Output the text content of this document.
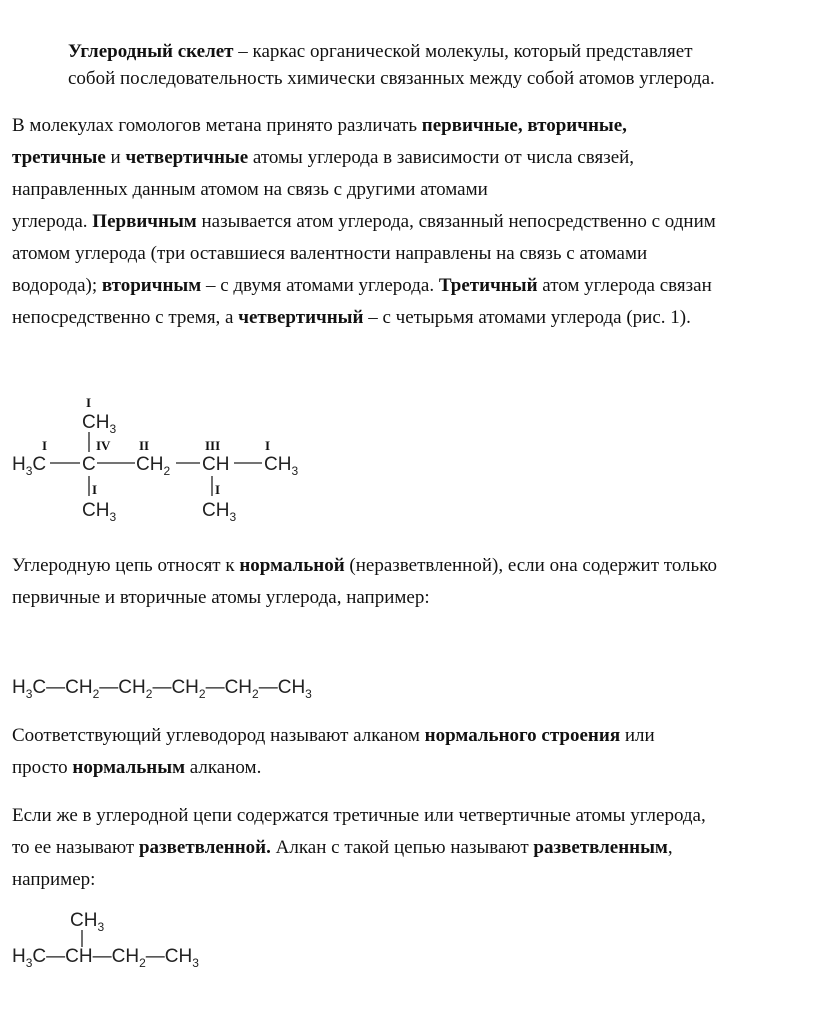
Углеродный скелет – каркас органической молекулы, который представляет
собой последовательность химически связанных между собой атомов углерода.

В молекулах гомологов метана принято различать первичные, вторичные,
третичные и четвертичные атомы углерода в зависимости от числа связей,
направленных данным атомом на связь с другими атомами
углерода. Первичным называется атом углерода, связанный непосредственно с одним
атомом углерода (три оставшиеся валентности направлены на связь с атомами
водорода); вторичным – с двумя атомами углерода. Третичный атом углерода связан
непосредственно с тремя, а четвертичный – с четырьмя атомами углерода (рис. 1).

I
$CH_3$
IV
I
$H_3C$ C
II
$CH_2$
III
CH
I
$CH_3$
I
$CH_3$
I
$CH_3$

Углеродную цепь относят к нормальной (неразветвленной), если она содержит только
первичные и вторичные атомы углерода, например:

$H_3C—CH_2—CH_2—CH_2—CH_2—CH_3$

Соответствующий углеводород называют алканом нормального строения или
просто нормальным алканом.

Если же в углеродной цепи содержатся третичные или четвертичные атомы углерода,
то ее называют разветвленной. Алкан с такой цепью называют разветвленным,
например:

$CH_3$
$H_3C—CH—CH_2—CH_3$
